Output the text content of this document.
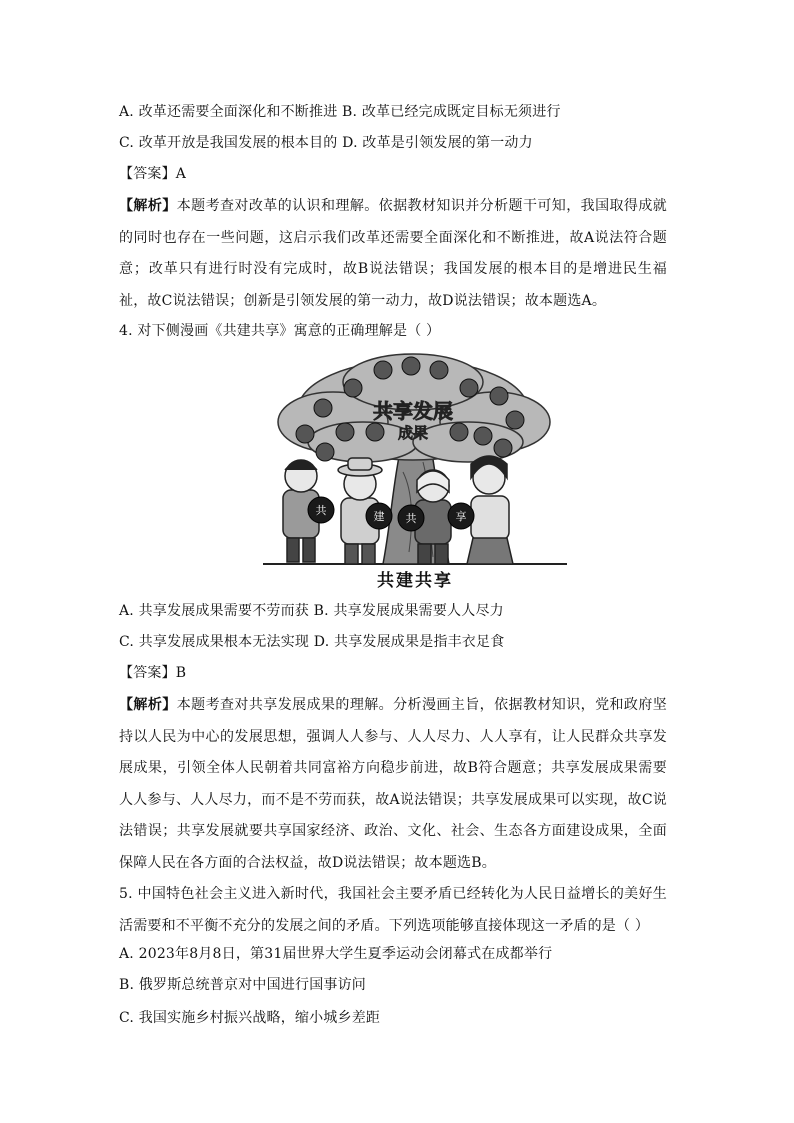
A. 改革还需要全面深化和不断推进 B. 改革已经完成既定目标无须进行
C. 改革开放是我国发展的根本目的 D. 改革是引领发展的第一动力
【答案】A
【解析】本题考查对改革的认识和理解。依据教材知识并分析题干可知，我国取得成就的同时也存在一些问题，这启示我们改革还需要全面深化和不断推进，故A说法符合题意；改革只有进行时没有完成时，故B说法错误；我国发展的根本目的是增进民生福祉，故C说法错误；创新是引领发展的第一动力，故D说法错误；故本题选A。
4. 对下侧漫画《共建共享》寓意的正确理解是（ ）
共	建 共	享
共享发展
成果
共建共享
A. 共享发展成果需要不劳而获 B. 共享发展成果需要人人尽力
C. 共享发展成果根本无法实现 D. 共享发展成果是指丰衣足食
【答案】B
【解析】本题考查对共享发展成果的理解。分析漫画主旨，依据教材知识，党和政府坚持以人民为中心的发展思想，强调人人参与、人人尽力、人人享有，让人民群众共享发展成果，引领全体人民朝着共同富裕方向稳步前进，故B符合题意；共享发展成果需要人人参与、人人尽力，而不是不劳而获，故A说法错误；共享发展成果可以实现，故C说法错误；共享发展就要共享国家经济、政治、文化、社会、生态各方面建设成果，全面保障人民在各方面的合法权益，故D说法错误；故本题选B。
5. 中国特色社会主义进入新时代，我国社会主要矛盾已经转化为人民日益增长的美好生活需要和不平衡不充分的发展之间的矛盾。下列选项能够直接体现这一矛盾的是（ ）
A. 2023年8月8日，第31届世界大学生夏季运动会闭幕式在成都举行
B. 俄罗斯总统普京对中国进行国事访问
C. 我国实施乡村振兴战略，缩小城乡差距
